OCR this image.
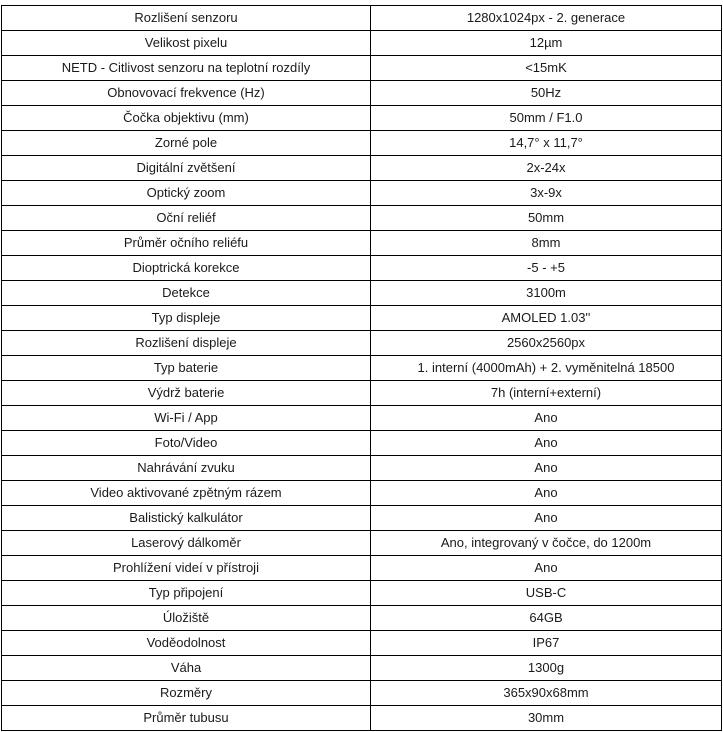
Rozlišení senzoru	1280x1024px - 2. generace
Velikost pixelu	12µm
NETD - Citlivost senzoru na teplotní rozdíly	<15mK
Obnovovací frekvence (Hz)	50Hz
Čočka objektivu (mm)	50mm / F1.0
Zorné pole	14,7° x 11,7°
Digitální zvětšení	2x-24x
Optický zoom	3x-9x
Oční reliéf	50mm
Průměr očního reliéfu	8mm
Dioptrická korekce	-5 - +5
Detekce	3100m
Typ displeje	AMOLED 1.03''
Rozlišení displeje	2560x2560px
Typ baterie	1. interní (4000mAh) + 2. vyměnitelná 18500
Výdrž baterie	7h (interní+externí)
Wi-Fi / App	Ano
Foto/Video	Ano
Nahrávání zvuku	Ano
Video aktivované zpětným rázem	Ano
Balistický kalkulátor	Ano
Laserový dálkoměr	Ano, integrovaný v čočce, do 1200m
Prohlížení videí v přístroji	Ano
Typ připojení	USB-C
Úložiště	64GB
Voděodolnost	IP67
Váha	1300g
Rozměry	365x90x68mm
Průměr tubusu	30mm
